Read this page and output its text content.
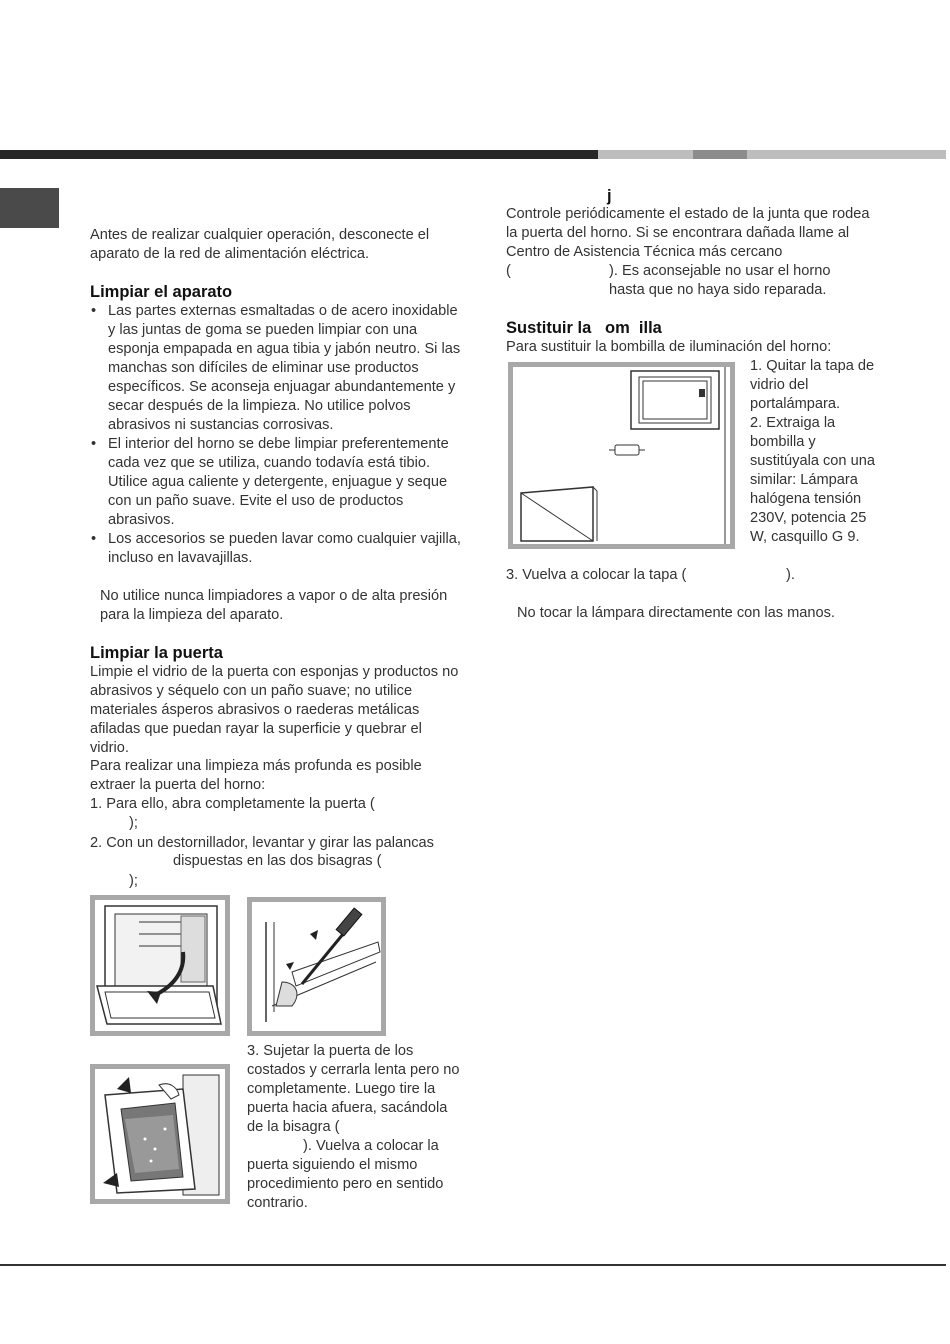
Antes de realizar cualquier operación, desconecte el aparato de la red de alimentación eléctrica.

Limpiar el aparato
• Las partes externas esmaltadas o de acero inoxidable y las juntas de goma se pueden limpiar con una esponja empapada en agua tibia y jabón neutro. Si las manchas son difíciles de eliminar use productos específicos. Se aconseja enjuagar abundantemente y secar después de la limpieza. No utilice polvos abrasivos ni sustancias corrosivas.
• El interior del horno se debe limpiar preferentemente cada vez que se utiliza, cuando todavía está tibio. Utilice agua caliente y detergente, enjuague y seque con un paño suave. Evite el uso de productos abrasivos.
• Los accesorios se pueden lavar como cualquier vajilla, incluso en lavavajillas.

No utilice nunca limpiadores a vapor o de alta presión para la limpieza del aparato.

Limpiar la puerta

Limpie el vidrio de la puerta con esponjas y productos no abrasivos y séquelo con un paño suave; no utilice materiales ásperos abrasivos o raederas metálicas afiladas que puedan rayar la superficie y quebrar el vidrio.

Para realizar una limpieza más profunda es posible extraer la puerta del horno:

1. Para ello, abra completamente la puerta (

);

2. Con un destornillador, levantar y girar las palancas

dispuestas en las dos bisagras (

);

3. Sujetar la puerta de los costados y cerrarla lenta pero no completamente. Luego tire la puerta hacia afuera, sacándola de la bisagra (

). Vuelva a colocar la puerta siguiendo el mismo procedimiento pero en sentido contrario.

j

Controle periódicamente el estado de la junta que rodea la puerta del horno. Si se encontrara dañada llame al Centro de Asistencia Técnica más cercano

(	). Es aconsejable no usar el horno hasta que no haya sido reparada.

Sustituir la   om  illa

Para sustituir la bombilla de iluminación del horno:

1. Quitar la tapa de vidrio del portalámpara.
2. Extraiga la bombilla y sustitúyala con una similar: Lámpara halógena tensión 230V, potencia 25 W, casquillo G 9.

3. Vuelva a colocar la tapa (	).

No tocar la lámpara directamente con las manos.
